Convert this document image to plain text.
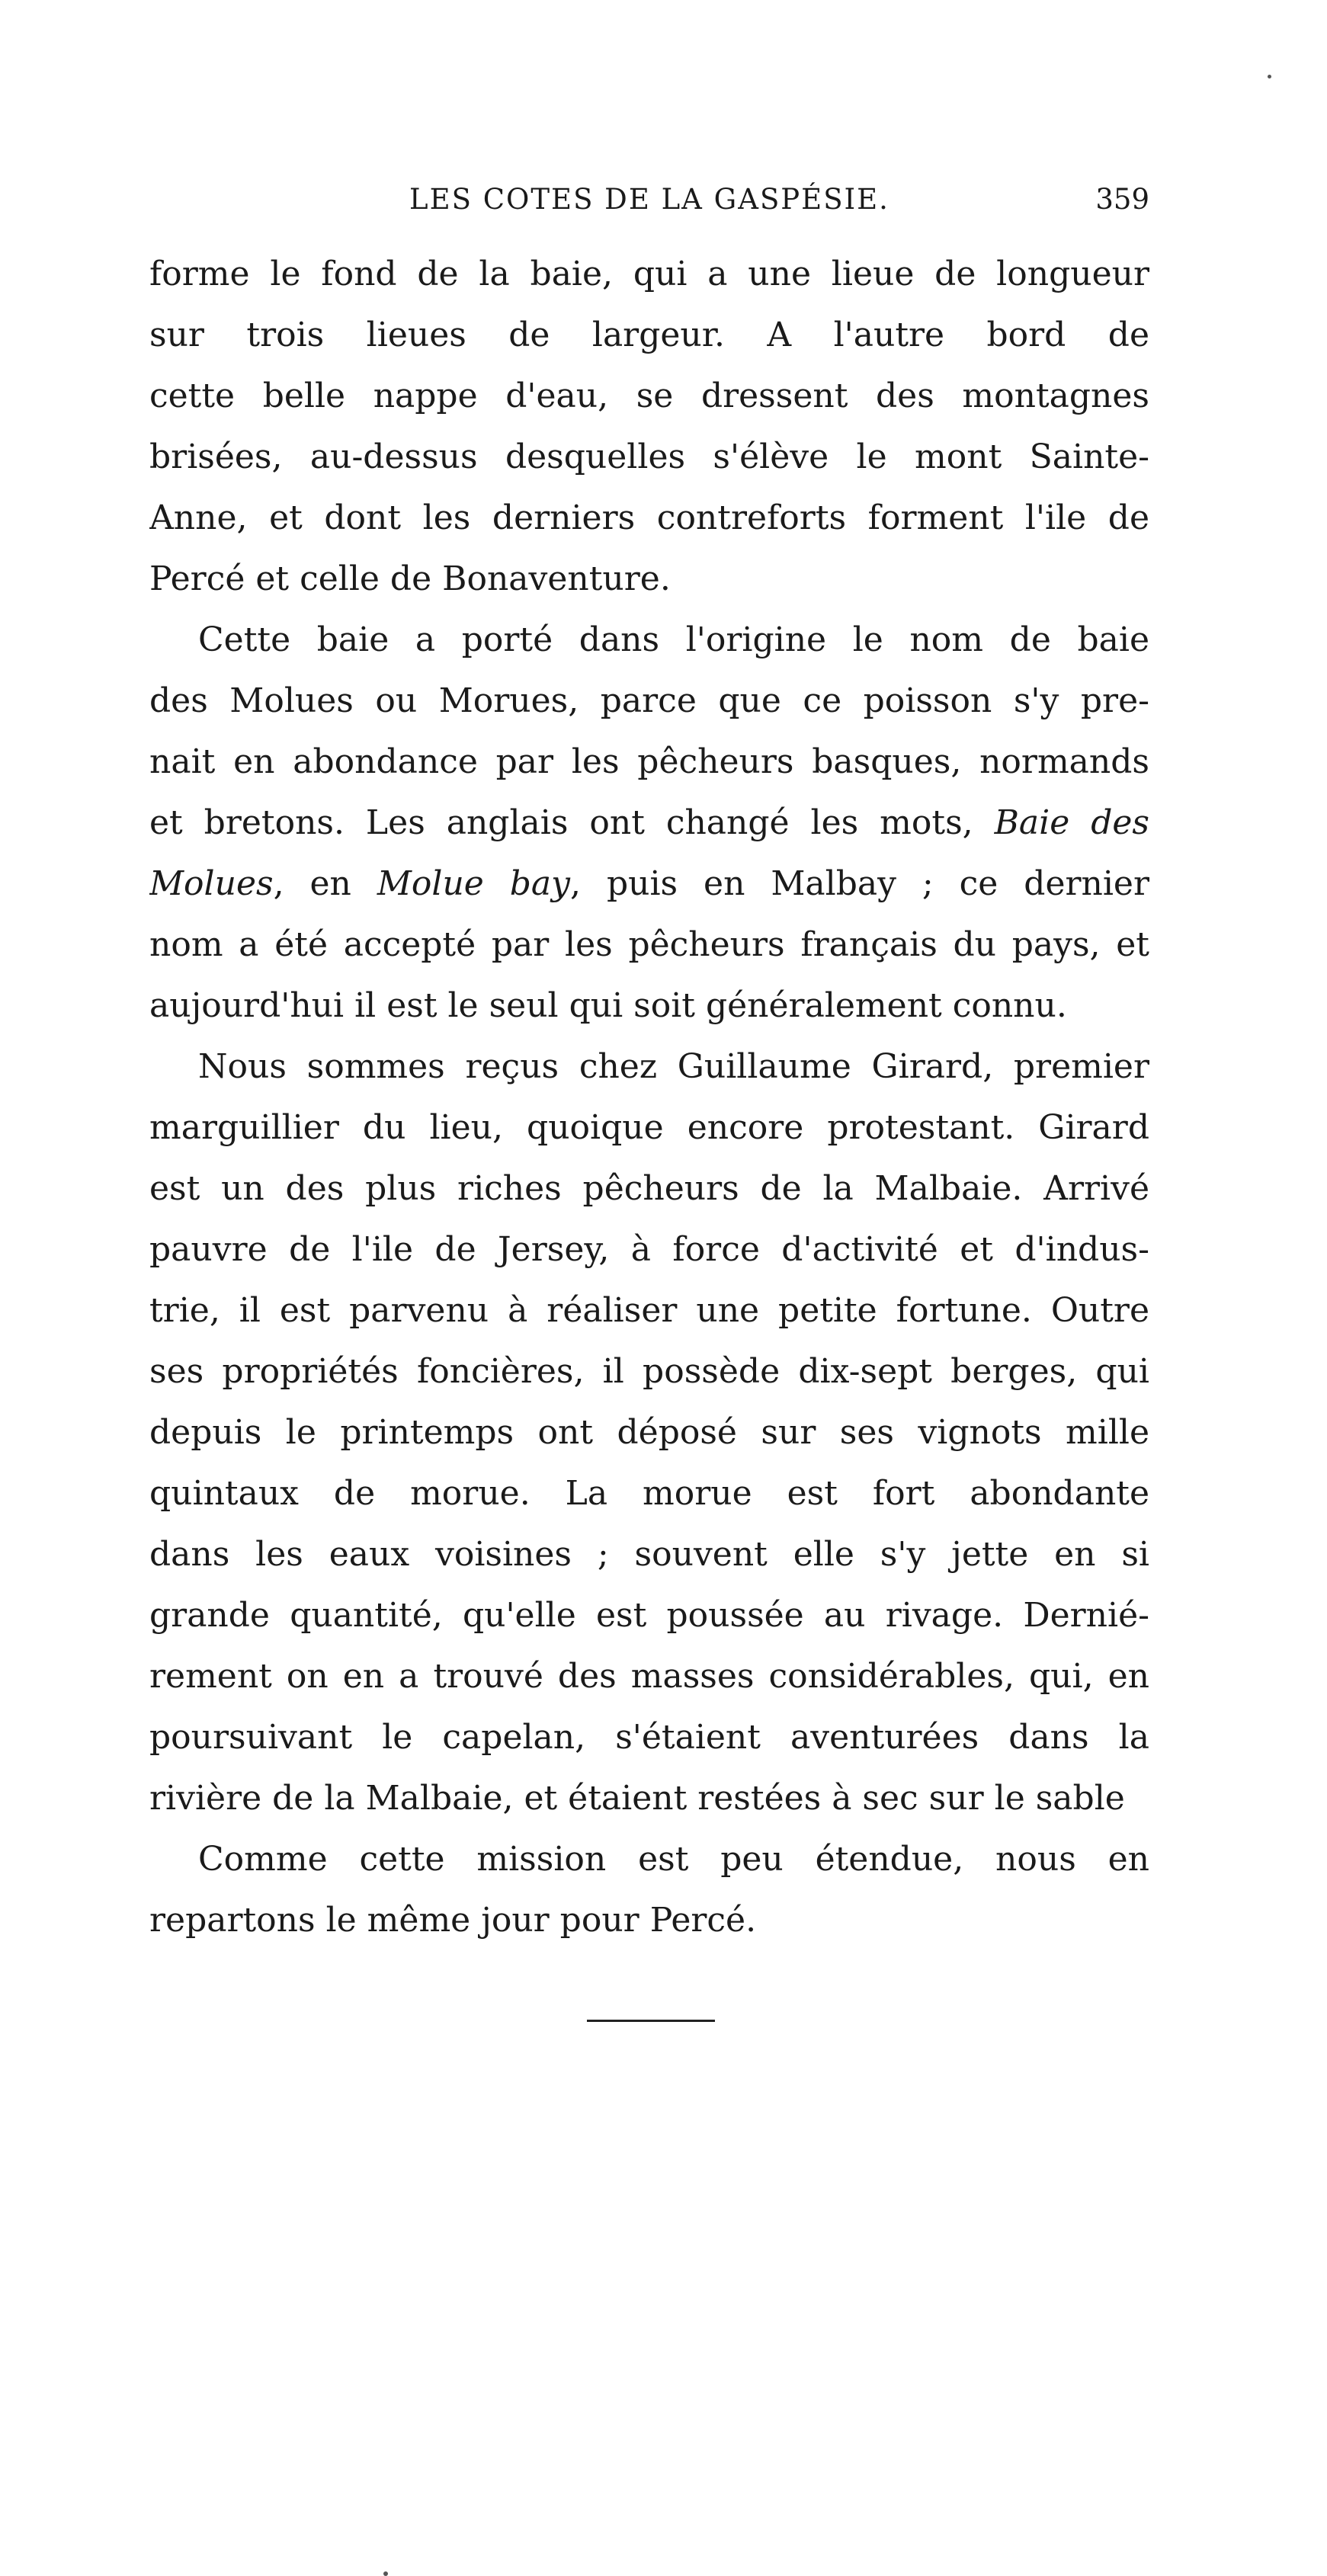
LES COTES DE LA GASPÉSIE.	359
forme le fond de la baie, qui a une lieue de longueur
sur trois lieues de largeur. A l'autre bord de
cette belle nappe d'eau, se dressent des montagnes
brisées, au-dessus desquelles s'élève le mont Sainte-
Anne, et dont les derniers contreforts forment l'ile de
Percé et celle de Bonaventure.
Cette baie a porté dans l'origine le nom de baie
des Molues ou Morues, parce que ce poisson s'y pre-
nait en abondance par les pêcheurs basques, normands
et bretons. Les anglais ont changé les mots, Baie des
Molues, en Molue bay, puis en Malbay ; ce dernier
nom a été accepté par les pêcheurs français du pays, et
aujourd'hui il est le seul qui soit généralement connu.
Nous sommes reçus chez Guillaume Girard, premier
marguillier du lieu, quoique encore protestant. Girard
est un des plus riches pêcheurs de la Malbaie. Arrivé
pauvre de l'ile de Jersey, à force d'activité et d'indus-
trie, il est parvenu à réaliser une petite fortune. Outre
ses propriétés foncières, il possède dix-sept berges, qui
depuis le printemps ont déposé sur ses vignots mille
quintaux de morue. La morue est fort abondante
dans les eaux voisines ; souvent elle s'y jette en si
grande quantité, qu'elle est poussée au rivage. Dernié-
rement on en a trouvé des masses considérables, qui, en
poursuivant le capelan, s'étaient aventurées dans la
rivière de la Malbaie, et étaient restées à sec sur le sable
Comme cette mission est peu étendue, nous en
repartons le même jour pour Percé.
